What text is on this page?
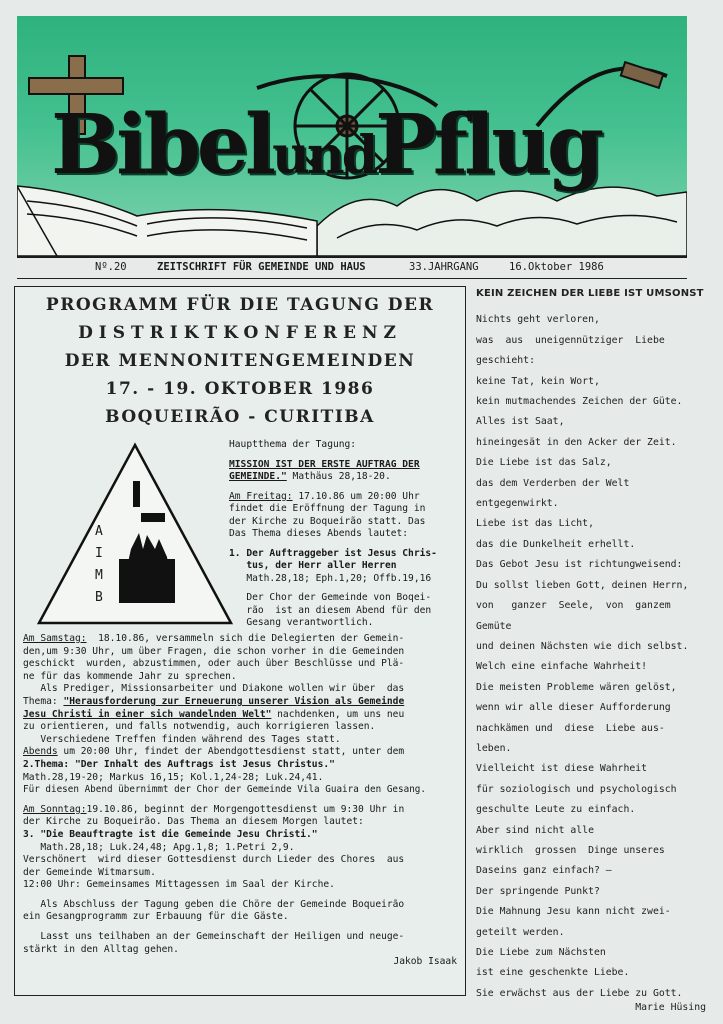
BibelundPflug
Nº.20	ZEITSCHRIFT FÜR GEMEINDE UND HAUS	33.JAHRGANG	16.Oktober 1986
PROGRAMM FÜR DIE TAGUNG DER
DISTRIKTKONFERENZ
DER MENNONITENGEMEINDEN
17. - 19. OKTOBER 1986
BOQUEIRÃO - CURITIBA
A
I
M
B

Hauptthema der Tagung:

MISSION IST DER ERSTE AUFTRAG DER

GEMEINDE." Mathäus 28,18-20.

Am Freitag: 17.10.86 um 20:00 Uhr

findet die Eröffnung der Tagung in

der Kirche zu Boqueirão statt. Das

Das Thema dieses Abends lautet:

1. Der Auftraggeber ist Jesus Chris-

tus, der Herr aller Herren

Math.28,18; Eph.1,20; Offb.19,16

Der Chor der Gemeinde von Boqei-

rão  ist an diesem Abend für den

Gesang verantwortlich.

Am Samstag:  18.10.86, versammeln sich die Delegierten der Gemein-

den,um 9:30 Uhr, um über Fragen, die schon vorher in die Gemeinden

geschickt  wurden, abzustimmen, oder auch über Beschlüsse und Plä-

ne für das kommende Jahr zu sprechen.

Als Prediger, Missionsarbeiter und Diakone wollen wir über  das

Thema: "Herausforderung zur Erneuerung unserer Vision als Gemeinde

Jesu Christi in einer sich wandelnden Welt" nachdenken, um uns neu

zu orientieren, und falls notwendig, auch korrigieren lassen.

Verschiedene Treffen finden während des Tages statt.

Abends um 20:00 Uhr, findet der Abendgottesdienst statt, unter dem

2.Thema: "Der Inhalt des Auftrags ist Jesus Christus."

Math.28,19-20; Markus 16,15; Kol.1,24-28; Luk.24,41.

Für diesen Abend übernimmt der Chor der Gemeinde Vila Guaira den Gesang.

Am Sonntag:19.10.86, beginnt der Morgengottesdienst um 9:30 Uhr in

der Kirche zu Boqueirão. Das Thema an diesem Morgen lautet:

3. "Die Beauftragte ist die Gemeinde Jesu Christi."

Math.28,18; Luk.24,48; Apg.1,8; 1.Petri 2,9.

Verschönert  wird dieser Gottesdienst durch Lieder des Chores  aus

der Gemeinde Witmarsum.

12:00 Uhr: Gemeinsames Mittagessen im Saal der Kirche.

Als Abschluss der Tagung geben die Chöre der Gemeinde Boqueirão

ein Gesangprogramm zur Erbauung für die Gäste.

Lasst uns teilhaben an der Gemeinschaft der Heiligen und neuge-

stärkt in den Alltag gehen.

Jakob Isaak

KEIN ZEICHEN DER LIEBE IST UMSONST
Nichts geht verloren,
was  aus  uneigennütziger  Liebe
geschieht:
keine Tat, kein Wort,
kein mutmachendes Zeichen der Güte.
Alles ist Saat,
hineingesät in den Acker der Zeit.
Die Liebe ist das Salz,
das dem Verderben der Welt
entgegenwirkt.
Liebe ist das Licht,
das die Dunkelheit erhellt.
Das Gebot Jesu ist richtungweisend:
Du sollst lieben Gott, deinen Herrn,
von   ganzer  Seele,  von  ganzem
Gemüte
und deinen Nächsten wie dich selbst.
Welch eine einfache Wahrheit!
Die meisten Probleme wären gelöst,
wenn wir alle dieser Aufforderung
nachkämen und  diese  Liebe aus-
leben.
Vielleicht ist diese Wahrheit
für soziologisch und psychologisch
geschulte Leute zu einfach.
Aber sind nicht alle
wirklich  grossen  Dinge unseres
Daseins ganz einfach? —
Der springende Punkt?
Die Mahnung Jesu kann nicht zwei-
geteilt werden.
Die Liebe zum Nächsten
ist eine geschenkte Liebe.
Sie erwächst aus der Liebe zu Gott.
Marie Hüsing
